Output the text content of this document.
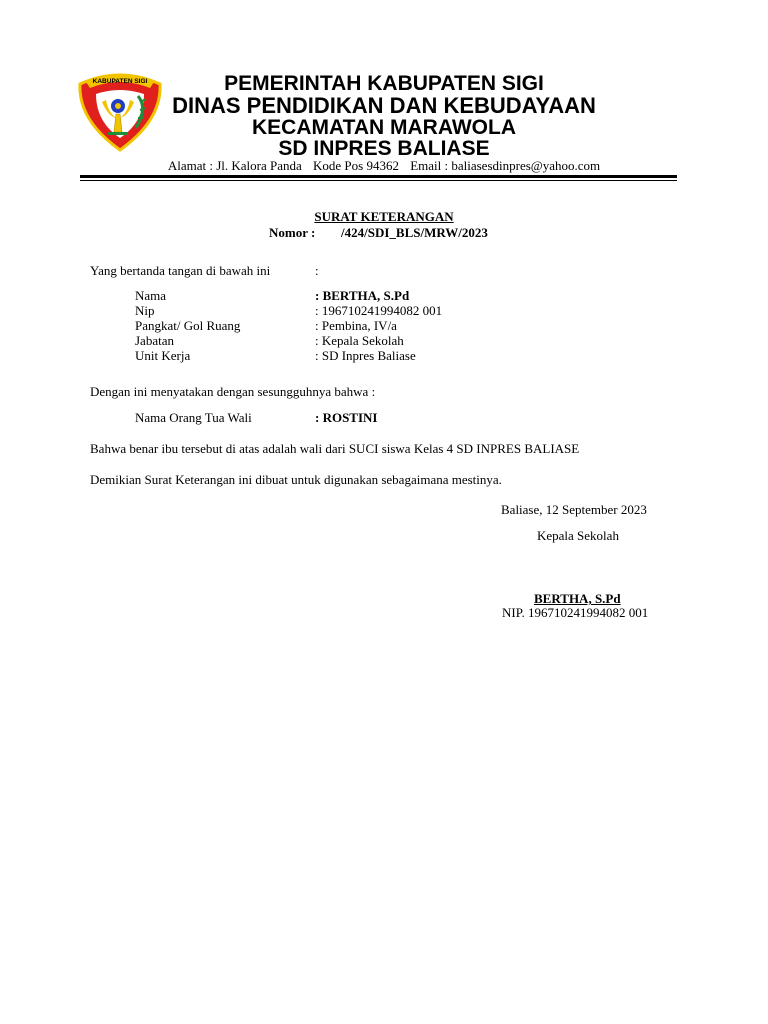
KABUPATEN SIGI	PEMERINTAH KABUPATEN SIGI
DINAS PENDIDIKAN DAN KEBUDAYAAN
KECAMATAN MARAWOLA
SD INPRES BALIASE
Alamat : Jl. Kalora Panda Kode Pos 94362 Email : baliasesdinpres@yahoo.com
SURAT KETERANGAN
Nomor : /424/SDI_BLS/MRW/2023
Yang bertanda tangan di bawah ini	:
Nama	: BERTHA, S.Pd
Nip	: 196710241994082 001
Pangkat/ Gol Ruang	: Pembina, IV/a
Jabatan	: Kepala Sekolah
Unit Kerja	: SD Inpres Baliase
Dengan ini menyatakan dengan sesungguhnya bahwa :
Nama Orang Tua Wali	: ROSTINI
Bahwa benar ibu tersebut di atas adalah wali dari SUCI siswa Kelas 4 SD INPRES BALIASE
Demikian Surat Keterangan ini dibuat untuk digunakan sebagaimana mestinya.
Baliase, 12 September 2023
Kepala Sekolah
BERTHA, S.Pd
NIP. 196710241994082 001
